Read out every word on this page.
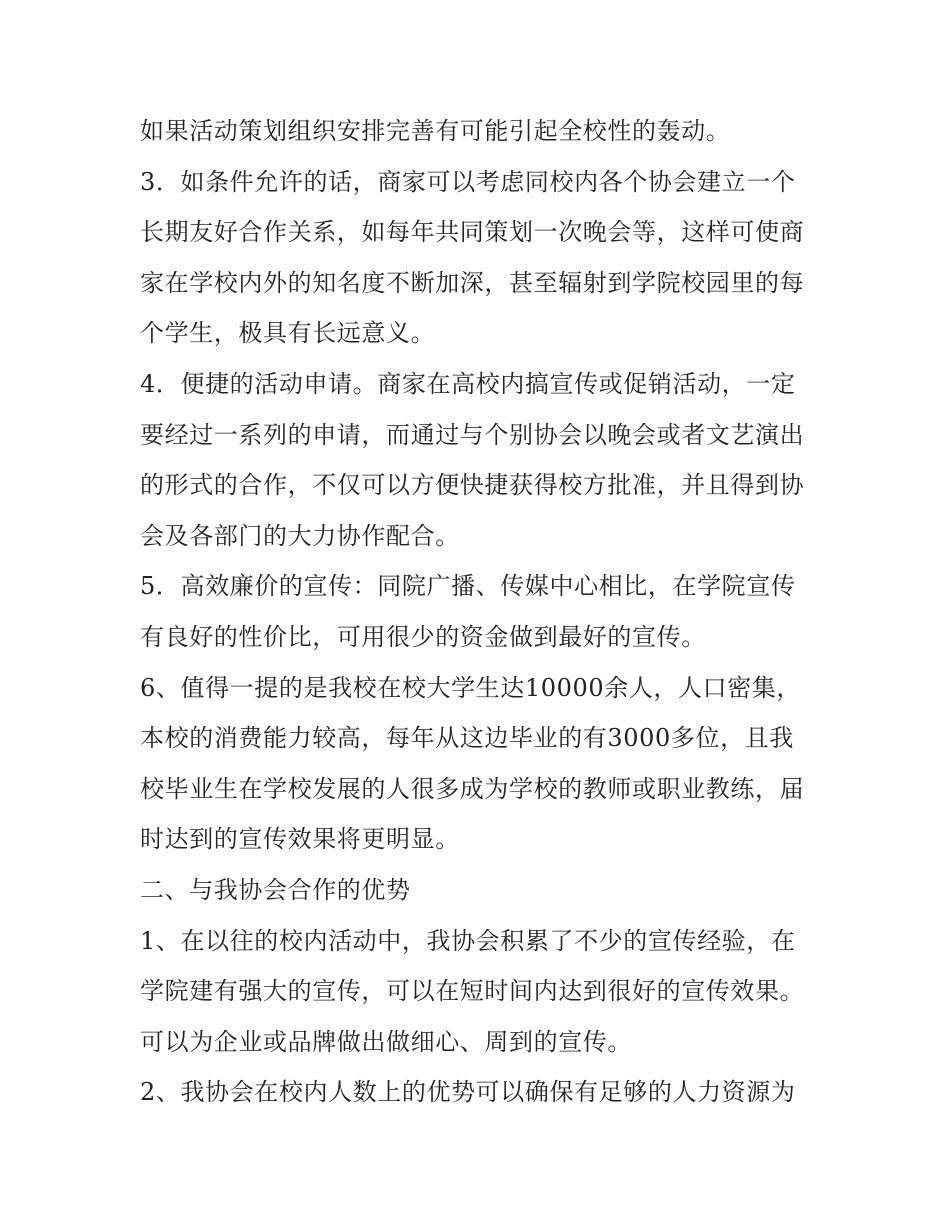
如果活动策划组织安排完善有可能引起全校性的轰动。
3．如条件允许的话，商家可以考虑同校内各个协会建立一个
长期友好合作关系，如每年共同策划一次晚会等，这样可使商
家在学校内外的知名度不断加深，甚至辐射到学院校园里的每
个学生，极具有长远意义。
4．便捷的活动申请。商家在高校内搞宣传或促销活动，一定
要经过一系列的申请，而通过与个别协会以晚会或者文艺演出
的形式的合作，不仅可以方便快捷获得校方批准，并且得到协
会及各部门的大力协作配合。
5．高效廉价的宣传：同院广播、传媒中心相比，在学院宣传
有良好的性价比，可用很少的资金做到最好的宣传。
6、值得一提的是我校在校大学生达10000余人，人口密集，
本校的消费能力较高，每年从这边毕业的有3000多位，且我
校毕业生在学校发展的人很多成为学校的教师或职业教练，届
时达到的宣传效果将更明显。
二、与我协会合作的优势
1、在以往的校内活动中，我协会积累了不少的宣传经验，在
学院建有强大的宣传，可以在短时间内达到很好的宣传效果。
可以为企业或品牌做出做细心、周到的宣传。
2、我协会在校内人数上的优势可以确保有足够的人力资源为
